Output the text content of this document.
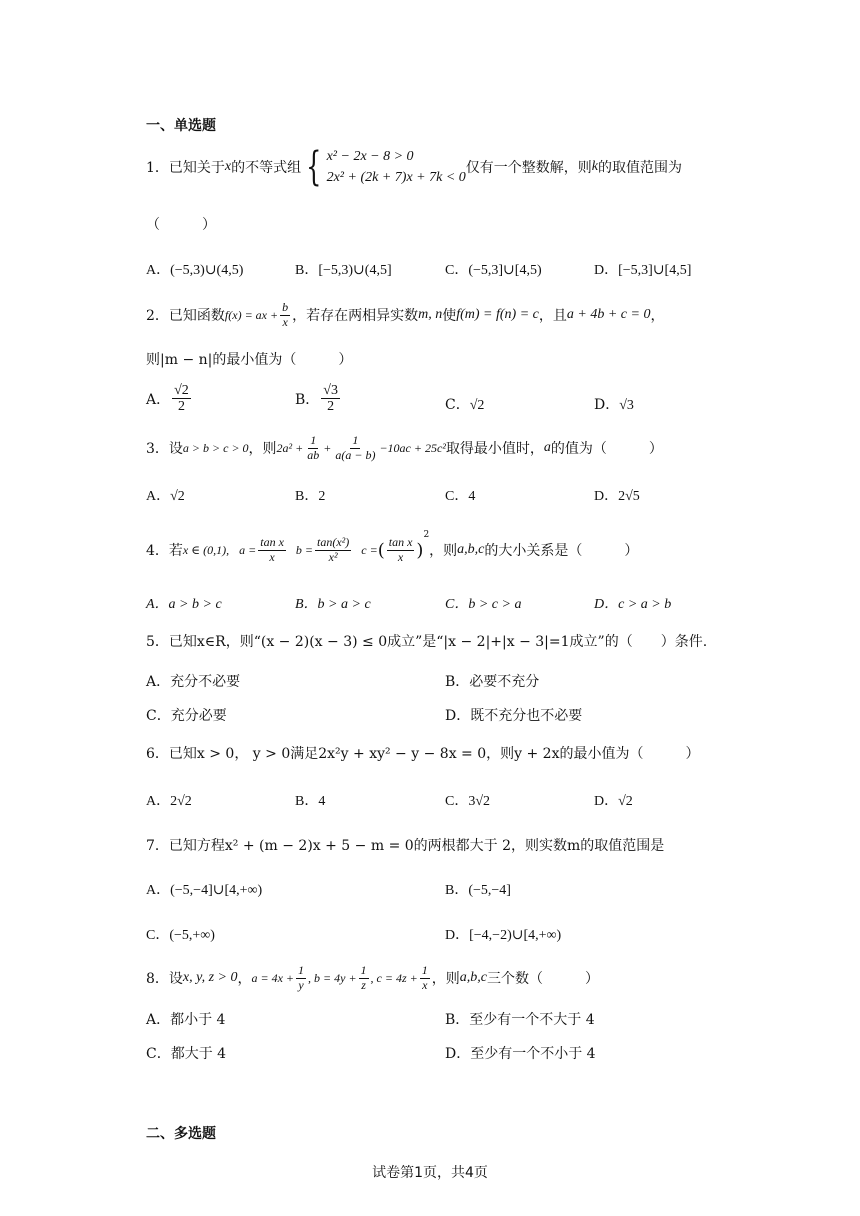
一、单选题
1． 已知关于 x 的不等式组 { x² − 2x − 8 > 0
2x² + (2k + 7)x + 7k < 0
仅有一个整数解，则 k 的取值范围为
（　　　）
A．(−5,3)∪(4,5)	B．[−5,3)∪(4,5]	C．(−5,3]∪[4,5)	D．[−5,3]∪[4,5]
2． 已知函数 f(x) = ax + $\frac{b}{x}$ ，若存在两相异实数 m, n 使 f(m) = f(n) = c ，且 a + 4b + c = 0 ，
则|m − n|的最小值为（　　　）
A． $\frac{√2}{2}$	B． $\frac{√3}{2}$	C．√2	D．√3
3． 设 a > b > c > 0 ，则 $2a^2 + \frac{1}{ab} + \frac{1}{a(a - b)} -10ac + 25c^2$ 取得最小值时， a 的值为（　　　）
A．√2	B．2	C．4	D．2√5
4． 若 x ∈ (0,1), $a = \frac{\text{tan x}}{x}$ $b = \frac{\text{tan(x²)}}{\text{x²}}$ c = ( $\frac{\text{tan x}}{x}$ )
$^2$
，则 a,b,c 的大小关系是（　　　）
A．a > b > c	B．b > a > c	C．b > c > a	D．c > a > b
5．已知x∈R，则“(x − 2)(x − 3) ≤ 0成立”是“|x − 2|+|x − 3|=1成立”的（　　）条件.
A．充分不必要	B．必要不充分
C．充分必要	D．既不充分也不必要
6．已知x > 0， y > 0满足2x²y + xy² − y − 8x = 0，则y + 2x的最小值为（　　　）
A．2√2	B．4	C．3√2	D．√2
7．已知方程x² + (m − 2)x + 5 − m = 0的两根都大于 2，则实数m的取值范围是
A．(−5,−4]∪[4,+∞)	B．(−5,−4]
C．(−5,+∞)	D．[−4,−2)∪[4,+∞)
8． 设 x, y, z > 0 ， $a = 4x + \frac{1}{y}$ , $b = 4y + \frac{1}{z}$ , $c = 4z + \frac{1}{x}$ ，则 a,b,c 三个数（　　　）
A．都小于 4	B．至少有一个不大于 4
C．都大于 4	D．至少有一个不小于 4
二、多选题
试卷第1页，共4页
